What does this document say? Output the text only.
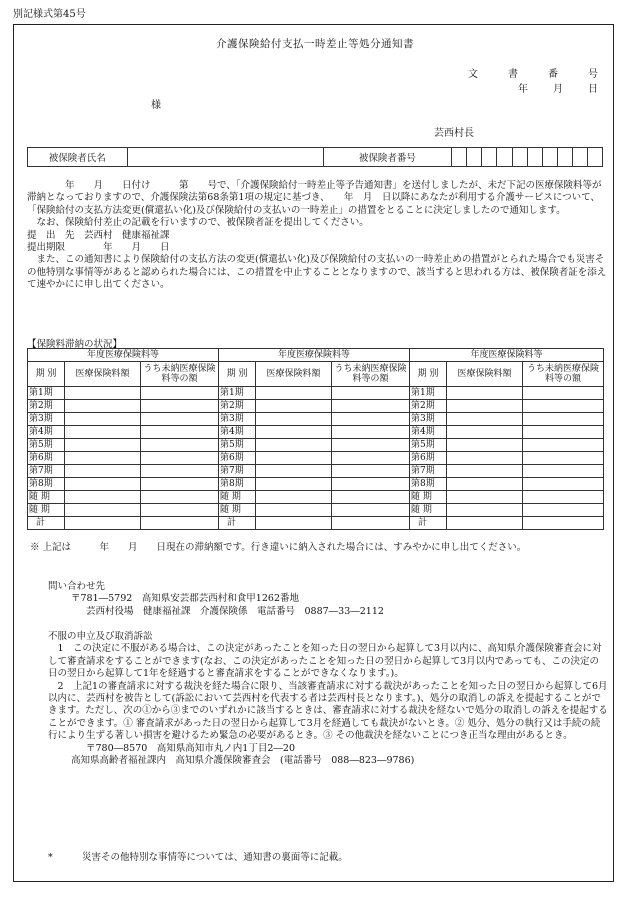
別記様式第45号
介護保険給付支払一時差止等処分通知書
文	書	番	号
年	月	日
様
芸西村長
被保険者氏名		被保険者番号										

年　　月　　日付け　　　第　　号で、「介護保険給付一時差止等予告通知書」を送付しましたが、未だ下記の医療保険料等が滞納となっておりますので、介護保険法第68条第1項の規定に基づき、　　年　月　日以降にあなたが利用する介護サービスについて、「保険給付の支払方法変更(償還払い化)及び保険給付の支払いの一時差止」の措置をとることに決定しましたので通知します。

なお、保険給付差止の記載を行いますので、被保険者証を提出してください。

提　出　先　芸西村　健康福祉課

提出期限　　　　年　　月　　日

また、この通知書により保険給付の支払方法の変更(償還払い化)及び保険給付の支払いの一時差止めの措置がとられた場合でも災害その他特別な事情等があると認められた場合には、この措置を中止することとなりますので、該当すると思われる方は、被保険者証を添えて速やかにに申し出てください。

【保険料滞納の状況】
年度医療保険料等			年度医療保険料等			年度医療保険料等		
期 別	医療保険料額	うち未納医療保険料等の額	期 別	医療保険料額	うち未納医療保険料等の額	期 別	医療保険料額	うち未納医療保険料等の額
第1期			第1期			第1期		
第2期			第2期			第2期		
第3期			第3期			第3期		
第4期			第4期			第4期		
第5期			第5期			第5期		
第6期			第6期			第6期		
第7期			第7期			第7期		
第8期			第8期			第8期		
随 期			随 期			随 期		
随 期			随 期			随 期		
計			計			計		

※ 上記は　　　年　　月　　日現在の滞納額です。行き違いに納入された場合には、すみやかに申し出てください。

問い合わせ先

〒781―5792　高知県安芸郡芸西村和食甲1262番地

芸西村役場　健康福祉課　介護保険係　電話番号　0887―33―2112

不服の申立及び取消訴訟

1　この決定に不服がある場合は、この決定があったことを知った日の翌日から起算して3月以内に、高知県介護保険審査会に対して審査請求をすることができます(なお、この決定があったことを知った日の翌日から起算して3月以内であっても、この決定の日の翌日から起算して1年を経過すると審査請求をすることができなくなります。)。

2　上記1の審査請求に対する裁決を経た場合に限り、当該審査請求に対する裁決があったことを知った日の翌日から起算して6月以内に、芸西村を被告として(訴訟において芸西村を代表する者は芸西村長となります。)、処分の取消しの訴えを提起することができます。ただし、次の①から③までのいずれかに該当するときは、審査請求に対する裁決を経ないで処分の取消しの訴えを提起することができます。① 審査請求があった日の翌日から起算して3月を経過しても裁決がないとき。② 処分、処分の執行又は手続の続行により生ずる著しい損害を避けるため緊急の必要があるとき。③ その他裁決を経ないことにつき正当な理由があるとき。

〒780―8570　高知県高知市丸ノ内1丁目2―20

高知県高齢者福祉課内　高知県介護保険審査会　(電話番号　088―823―9786)

*	災害その他特別な事情等については、通知書の裏面等に記載。
